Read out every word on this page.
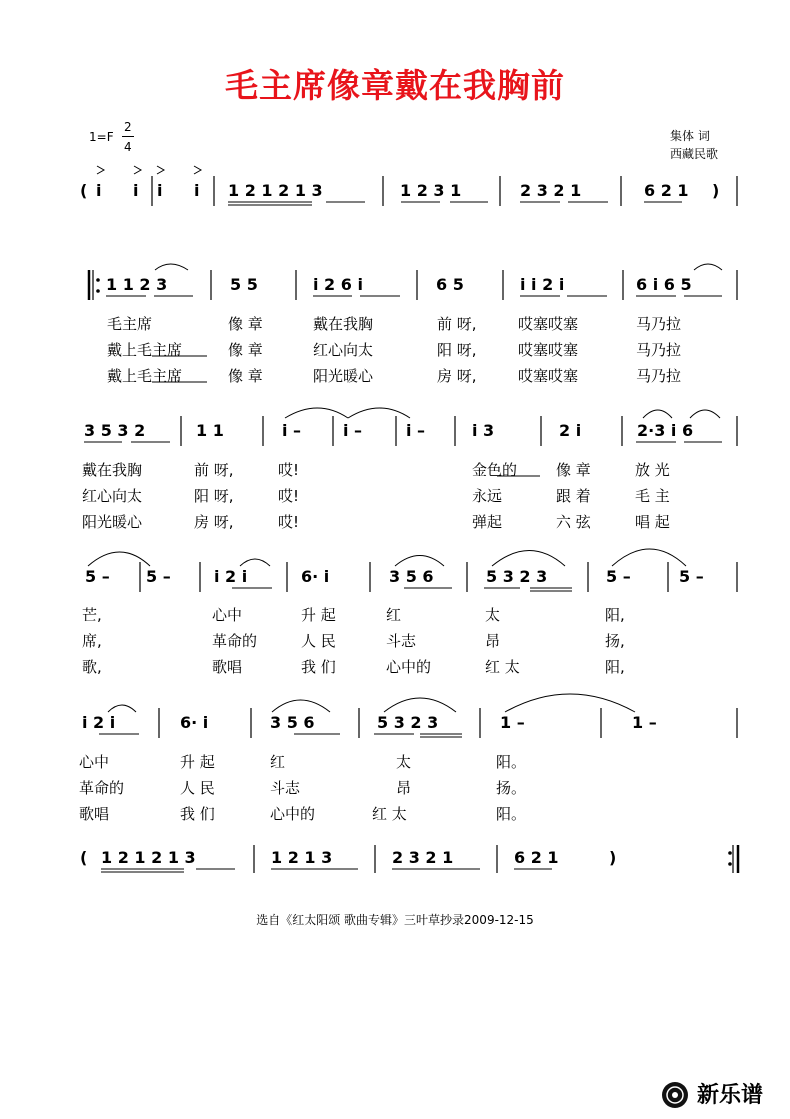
毛主席像章戴在我胸前
1=F
2
4
集体 词
西藏民歌
( i i i i 1 2 1 2 1 3	1 2 3 1	2 3 2 1	6 2 1 )
1 1 2 3	5 5	i 2 6 i	6 5	i i 2 i	6 i 6 5
毛主席	像 章	戴在我胸	前 呀,	哎塞哎塞	马乃拉
戴上毛主席	像 章	红心向太	阳 呀,	哎塞哎塞	马乃拉
戴上毛主席	像 章	阳光暖心	房 呀,	哎塞哎塞	马乃拉
3 5 3 2	1 1	i –	i –	i –	i 3	2 i	2·3 i 6
戴在我胸	前 呀,	哎!	金色的	像 章	放 光
红心向太	阳 呀,	哎!	永远	跟 着	毛 主
阳光暖心	房 呀,	哎!	弹起	六 弦	唱 起
5 – 5 –	i 2 i	6· i	3 5 6	5 3 2 3	5 –	5 –
芒,	心中	升 起	红	太	阳,
席,	革命的	人 民	斗志	昂	扬,
歌,	歌唱	我 们	心中的	红 太	阳,
i 2 i	6· i	3 5 6	5 3 2 3	1 –	1 –
心中	升 起	红	太	阳。
革命的	人 民	斗志	昂	扬。
歌唱	我 们	心中的	红 太	阳。
( 1 2 1 2 1 3	1 2 1 3	2 3 2 1	6 2 1	)
选自《红太阳颂 歌曲专辑》三叶草抄录2009-12-15
新乐谱
